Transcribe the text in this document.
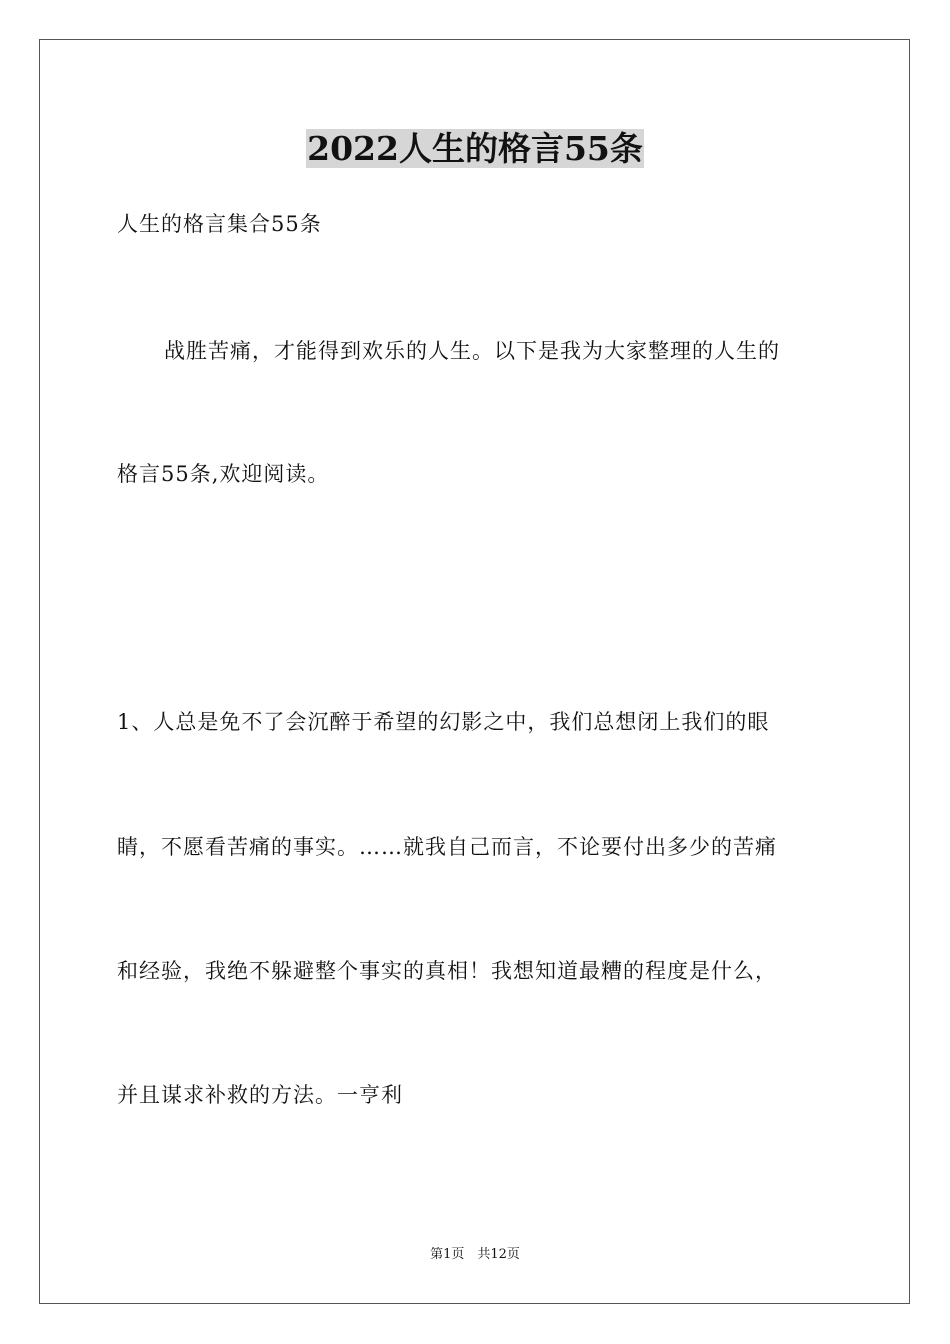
2022人生的格言55条
人生的格言集合55条
战胜苦痛，才能得到欢乐的人生。以下是我为大家整理的人生的
格言55条,欢迎阅读。
1、人总是免不了会沉醉于希望的幻影之中，我们总想闭上我们的眼
睛，不愿看苦痛的事实。……就我自己而言，不论要付出多少的苦痛
和经验，我绝不躲避整个事实的真相！我想知道最糟的程度是什么，
并且谋求补救的方法。一亨利
第1页　共12页
